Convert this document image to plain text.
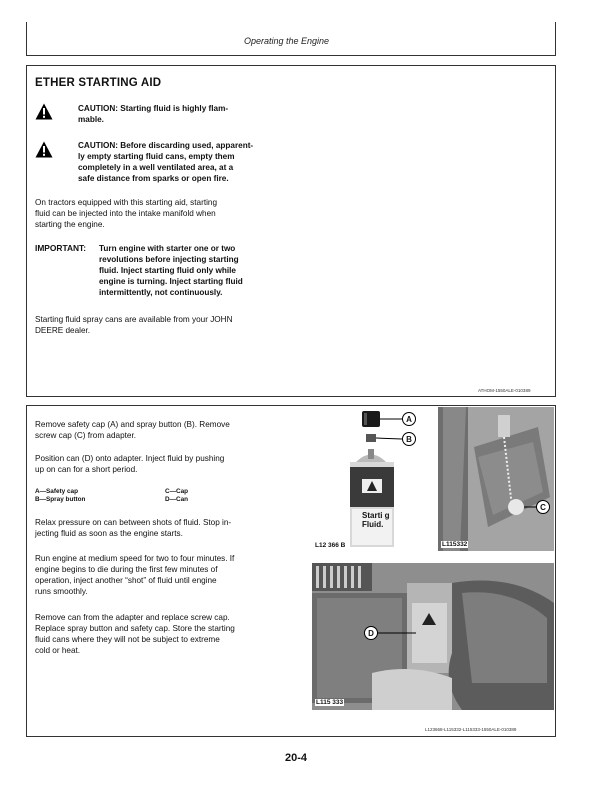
Operating the Engine
ETHER STARTING AID
CAUTION: Starting fluid is highly flam-
mable.
CAUTION: Before discarding used, apparent-
ly empty starting fluid cans, empty them
completely in a well ventilated area, at a
safe distance from sparks or open fire.
On tractors equipped with this starting aid, starting
fluid can be injected into the intake manifold when
starting the engine.
IMPORTANT: Turn engine with starter one or two
revolutions before injecting starting
fluid. Inject starting fluid only while
engine is turning. Inject starting fluid
intermittently, not continuously.
Starting fluid spray cans are available from your JOHN
DEERE dealer.
ATHOM-1550ALE-010389
Remove safety cap (A) and spray button (B). Remove
screw cap (C) from adapter.
Position can (D) onto adapter. Inject fluid by pushing
up on can for a short period.
A—Safety cap
B—Spray button
C—Cap
D—Can
Relax pressure on can between shots of fluid. Stop in-
jecting fluid as soon as the engine starts.
Run engine at medium speed for two to four minutes. If
engine begins to die during the first few minutes of
operation, inject another “shot” of fluid until engine
runs smoothly.
Remove can from the adapter and replace screw cap.
Replace spray button and safety cap. Store the starting
fluid cans where they will not be subject to extreme
cold or heat.
Starti g
Fluid.
L12 366 B
A
B
C
L115332
D
L115 333
L123668-L115332-L115333-1550ALE-010389
20-4
